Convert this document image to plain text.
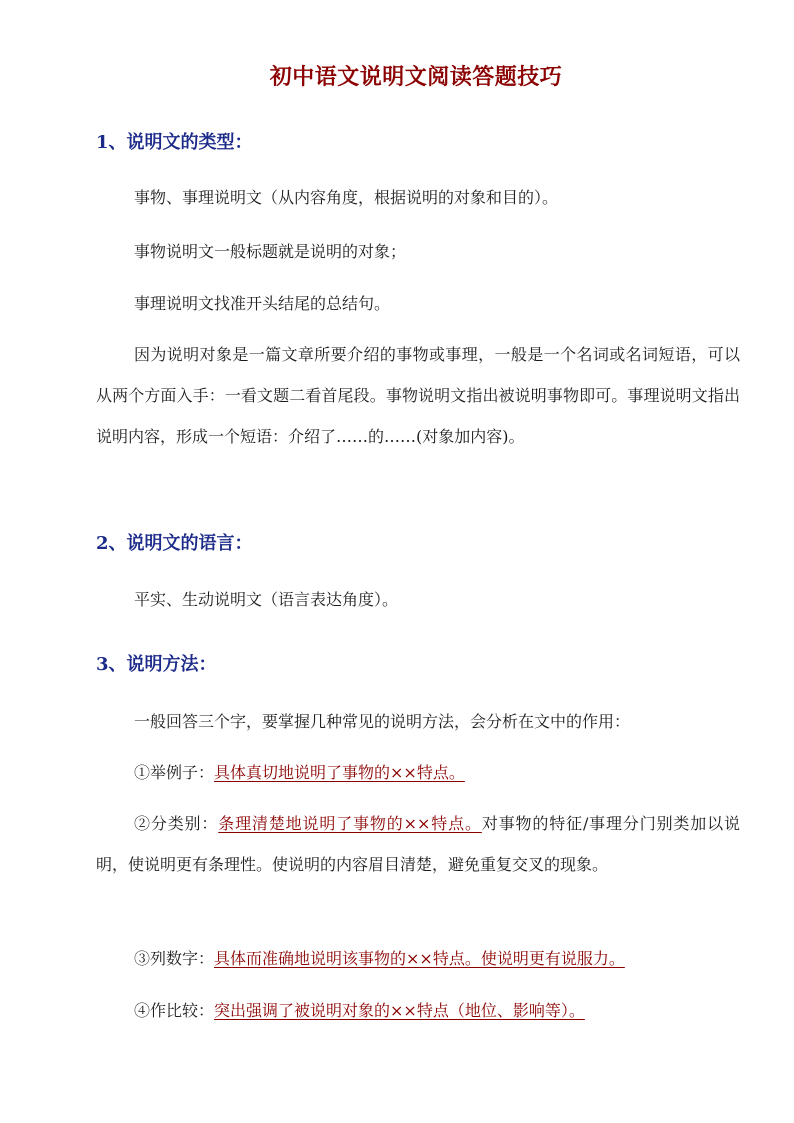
初中语文说明文阅读答题技巧
1、说明文的类型：
事物、事理说明文（从内容角度，根据说明的对象和目的）。
事物说明文一般标题就是说明的对象；
事理说明文找准开头结尾的总结句。
因为说明对象是一篇文章所要介绍的事物或事理，一般是一个名词或名词短语，可以从两个方面入手：一看文题二看首尾段。事物说明文指出被说明事物即可。事理说明文指出说明内容，形成一个短语：介绍了……的……(对象加内容)。
2、说明文的语言：
平实、生动说明文（语言表达角度）。
3、说明方法：
一般回答三个字，要掌握几种常见的说明方法，会分析在文中的作用：
①举例子：具体真切地说明了事物的××特点。
②分类别：条理清楚地说明了事物的××特点。对事物的特征/事理分门别类加以说明，使说明更有条理性。使说明的内容眉目清楚，避免重复交叉的现象。
③列数字：具体而准确地说明该事物的××特点。使说明更有说服力。
④作比较：突出强调了被说明对象的××特点（地位、影响等）。
